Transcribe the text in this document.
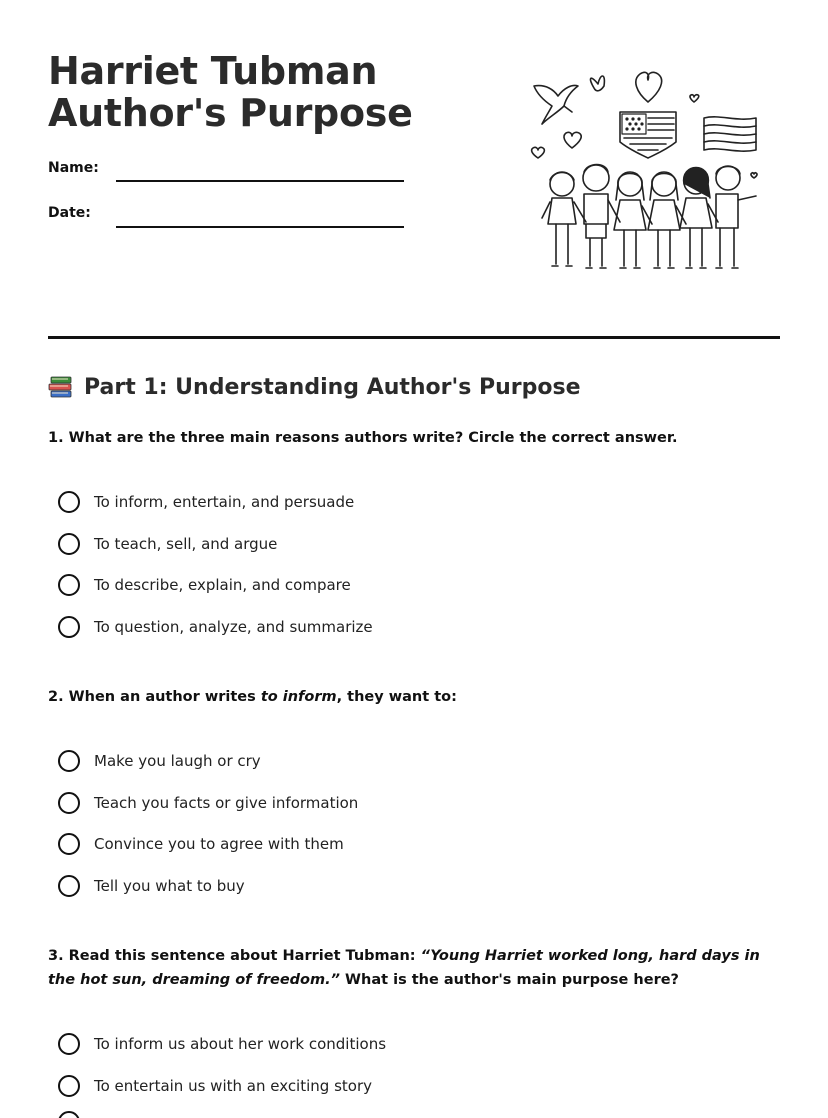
Harriet Tubman
Author's Purpose
Name:
Date:
Part 1: Understanding Author's Purpose
1. What are the three main reasons authors write? Circle the correct answer.
To inform, entertain, and persuade
To teach, sell, and argue
To describe, explain, and compare
To question, analyze, and summarize
2. When an author writes to inform, they want to:
Make you laugh or cry
Teach you facts or give information
Convince you to agree with them
Tell you what to buy
3. Read this sentence about Harriet Tubman: “Young Harriet worked long, hard days in the hot sun, dreaming of freedom.” What is the author's main purpose here?
To inform us about her work conditions
To entertain us with an exciting story
